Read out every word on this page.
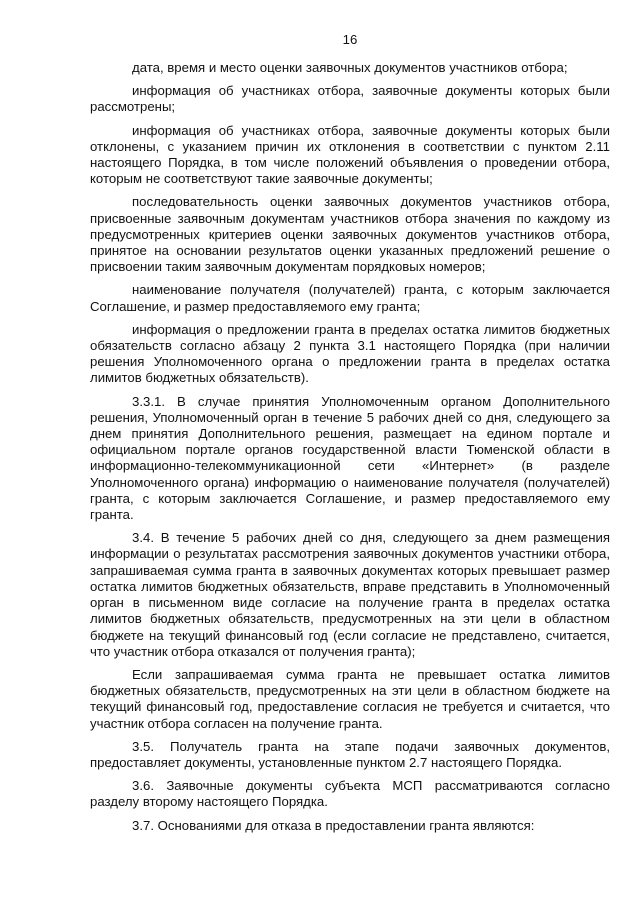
16

дата, время и место оценки заявочных документов участников отбора;

информация об участниках отбора, заявочные документы которых были рассмотрены;

информация об участниках отбора, заявочные документы которых были отклонены, с указанием причин их отклонения в соответствии с пунктом 2.11 настоящего Порядка, в том числе положений объявления о проведении отбора, которым не соответствуют такие заявочные документы;

последовательность оценки заявочных документов участников отбора, присвоенные заявочным документам участников отбора значения по каждому из предусмотренных критериев оценки заявочных документов участников отбора, принятое на основании результатов оценки указанных предложений решение о присвоении таким заявочным документам порядковых номеров;

наименование получателя (получателей) гранта, с которым заключается Соглашение, и размер предоставляемого ему гранта;

информация о предложении гранта в пределах остатка лимитов бюджетных обязательств согласно абзацу 2 пункта 3.1 настоящего Порядка (при наличии решения Уполномоченного органа о предложении гранта в пределах остатка лимитов бюджетных обязательств).

3.3.1. В случае принятия Уполномоченным органом Дополнительного решения, Уполномоченный орган в течение 5 рабочих дней со дня, следующего за днем принятия Дополнительного решения, размещает на едином портале и официальном портале органов государственной власти Тюменской области в информационно-телекоммуникационной сети «Интернет» (в разделе Уполномоченного органа) информацию о наименование получателя (получателей) гранта, с которым заключается Соглашение, и размер предоставляемого ему гранта.

3.4. В течение 5 рабочих дней со дня, следующего за днем размещения информации о результатах рассмотрения заявочных документов участники отбора, запрашиваемая сумма гранта в заявочных документах которых превышает размер остатка лимитов бюджетных обязательств, вправе представить в Уполномоченный орган в письменном виде согласие на получение гранта в пределах остатка лимитов бюджетных обязательств, предусмотренных на эти цели в областном бюджете на текущий финансовый год (если согласие не представлено, считается, что участник отбора отказался от получения гранта);

Если запрашиваемая сумма гранта не превышает остатка лимитов бюджетных обязательств, предусмотренных на эти цели в областном бюджете на текущий финансовый год, предоставление согласия не требуется и считается, что участник отбора согласен на получение гранта.

3.5. Получатель гранта на этапе подачи заявочных документов, предоставляет документы, установленные пунктом 2.7 настоящего Порядка.

3.6. Заявочные документы субъекта МСП рассматриваются согласно разделу второму настоящего Порядка.

3.7. Основаниями для отказа в предоставлении гранта являются:
